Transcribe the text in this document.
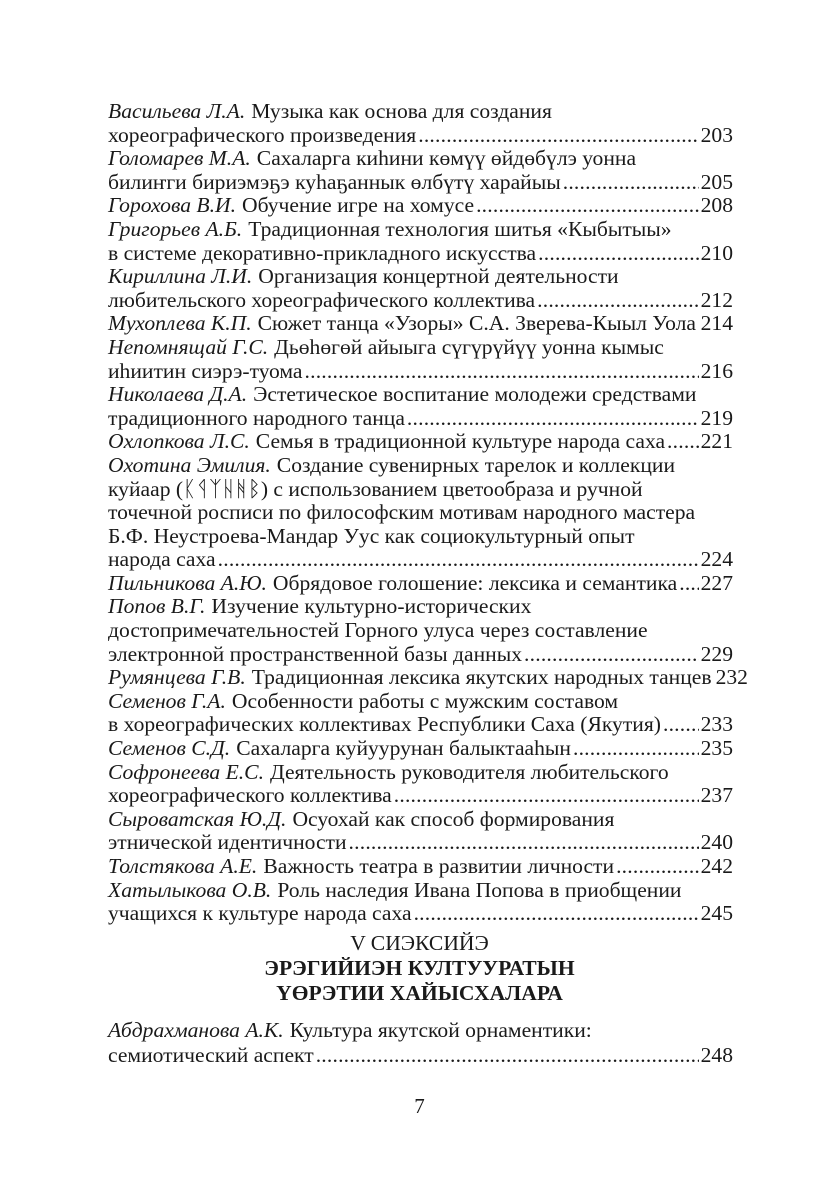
Васильева Л.А. Музыка как основа для создания
хореографического произведения . . .	203
Голомарев М.А. Сахаларга киһини көмүү өйдөбүлэ уонна
билиҥги бириэмэҕэ куһаҕаннык өлбүтү харайыы . . .	205
Горохова В.И. Обучение игре на хомусе . . .	208
Григорьев А.Б. Традиционная технология шитья «Кыбытыы»
в системе декоративно-прикладного искусства . . .	210
Кириллина Л.И. Организация концертной деятельности
любительского хореографического коллектива . . .	212
Мухоплева К.П. Сюжет танца «Узоры» С.А. Зверева-Кыыл Уола . . . 214
Непомнящай Г.С. Дьөһөгөй айыыга сүгүрүйүү уонна кымыс
иһиитин сиэрэ-туома . . .	216
Николаева Д.А. Эстетическое воспитание молодежи средствами
традиционного народного танца . . .	219
Охлопкова Л.С. Семья в традиционной культуре народа саха . . . 221
Охотина Эмилия. Создание сувенирных тарелок и коллекции
куйаар (ᛕᛩᛉᚺᚻᛒ) с использованием цветообраза и ручной
точечной росписи по философским мотивам народного мастера
Б.Ф. Неустроева-Мандар Уус как социокультурный опыт
народа саха . . .	224
Пильникова А.Ю. Обрядовое голошение: лексика и семантика . . . 227
Попов В.Г. Изучение культурно-исторических
достопримечательностей Горного улуса через составление
электронной пространственной базы данных . . .	229
Румянцева Г.В. Традиционная лексика якутских народных танцев 232
Семенов Г.А. Особенности работы с мужским составом
в хореографических коллективах Республики Саха (Якутия) . . . 233
Семенов С.Д. Сахаларга куйуурунан балыктааһын . . .	235
Софронеева Е.С. Деятельность руководителя любительского
хореографического коллектива . . .	237
Сыроватская Ю.Д. Осуохай как способ формирования
этнической идентичности . . .	240
Толстякова А.Е. Важность театра в развитии личности . . .	242
Хатылыкова О.В. Роль наследия Ивана Попова в приобщении
учащихся к культуре народа саха . . .	245
V СИЭКСИЙЭ
ЭРЭГИЙИЭН КУЛТУУРАТЫН
ҮӨРЭТИИ ХАЙЫСХАЛАРА
Абдрахманова А.К. Культура якутской орнаментики:
семиотический аспект . . .	248
7
